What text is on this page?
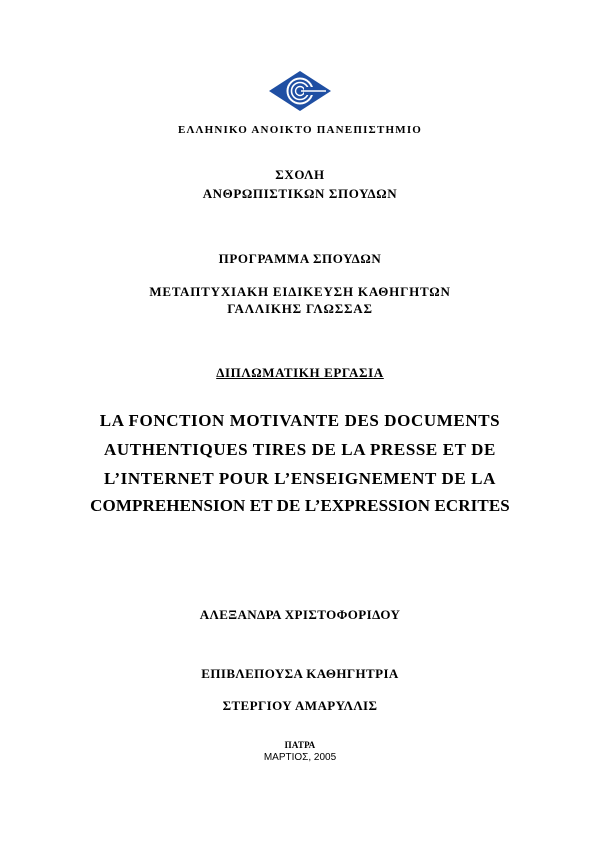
ΕΛΛΗΝΙΚΟ ΑΝΟΙΚΤΟ ΠΑΝΕΠΙΣΤΗΜΙΟ
ΣΧΟΛΗ
ΑΝΘΡΩΠΙΣΤΙΚΩΝ ΣΠΟΥΔΩΝ
ΠΡΟΓΡΑΜΜΑ ΣΠΟΥΔΩΝ
ΜΕΤΑΠΤΥΧΙΑΚΗ ΕΙΔΙΚΕΥΣΗ ΚΑΘΗΓΗΤΩΝ
ΓΑΛΛΙΚΗΣ ΓΛΩΣΣΑΣ
ΔΙΠΛΩΜΑΤΙΚΗ ΕΡΓΑΣΙΑ
LA FONCTION MOTIVANTE DES DOCUMENTS
AUTHENTIQUES TIRES DE LA PRESSE ET DE
L’INTERNET POUR L’ENSEIGNEMENT DE LA
COMPREHENSION ET DE L’EXPRESSION ECRITES
ΑΛΕΞΑΝΔΡΑ ΧΡΙΣΤΟΦΟΡΙΔΟΥ
ΕΠΙΒΛΕΠΟΥΣΑ ΚΑΘΗΓΗΤΡΙΑ
ΣΤΕΡΓΙΟΥ ΑΜΑΡΥΛΛΙΣ
ΠΑΤΡΑ
ΜΑΡΤΙΟΣ, 2005
